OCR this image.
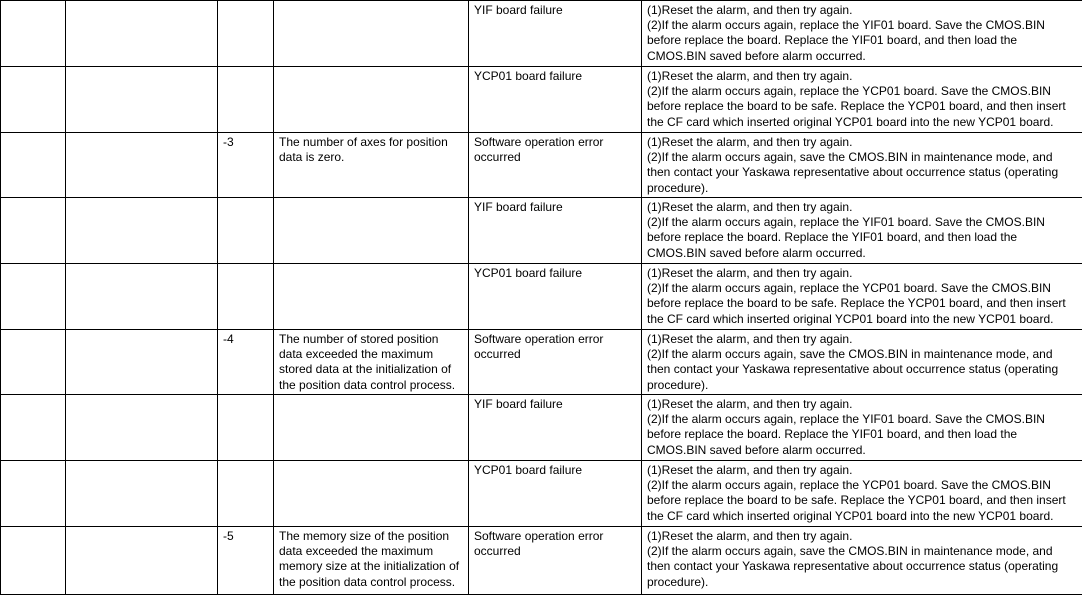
				YIF board failure	(1)Reset the alarm, and then try again.
(2)If the alarm occurs again, replace the YIF01 board. Save the CMOS.BIN before replace the board. Replace the YIF01 board, and then load the CMOS.BIN saved before alarm occurred.
				YCP01 board failure	(1)Reset the alarm, and then try again.
(2)If the alarm occurs again, replace the YCP01 board. Save the CMOS.BIN before replace the board to be safe. Replace the YCP01 board, and then insert the CF card which inserted original YCP01 board into the new YCP01 board.
		-3	The number of axes for position data is zero.	Software operation error occurred	(1)Reset the alarm, and then try again.
(2)If the alarm occurs again, save the CMOS.BIN in maintenance mode, and then contact your Yaskawa representative about occurrence status (operating procedure).
				YIF board failure	(1)Reset the alarm, and then try again.
(2)If the alarm occurs again, replace the YIF01 board. Save the CMOS.BIN before replace the board. Replace the YIF01 board, and then load the CMOS.BIN saved before alarm occurred.
				YCP01 board failure	(1)Reset the alarm, and then try again.
(2)If the alarm occurs again, replace the YCP01 board. Save the CMOS.BIN before replace the board to be safe. Replace the YCP01 board, and then insert the CF card which inserted original YCP01 board into the new YCP01 board.
		-4	The number of stored position data exceeded the maximum stored data at the initialization of the position data control process.	Software operation error occurred	(1)Reset the alarm, and then try again.
(2)If the alarm occurs again, save the CMOS.BIN in maintenance mode, and then contact your Yaskawa representative about occurrence status (operating procedure).
				YIF board failure	(1)Reset the alarm, and then try again.
(2)If the alarm occurs again, replace the YIF01 board. Save the CMOS.BIN before replace the board. Replace the YIF01 board, and then load the CMOS.BIN saved before alarm occurred.
				YCP01 board failure	(1)Reset the alarm, and then try again.
(2)If the alarm occurs again, replace the YCP01 board. Save the CMOS.BIN before replace the board to be safe. Replace the YCP01 board, and then insert the CF card which inserted original YCP01 board into the new YCP01 board.
		-5	The memory size of the position data exceeded the maximum memory size at the initialization of the position data control process.	Software operation error occurred	(1)Reset the alarm, and then try again.
(2)If the alarm occurs again, save the CMOS.BIN in maintenance mode, and then contact your Yaskawa representative about occurrence status (operating procedure).
